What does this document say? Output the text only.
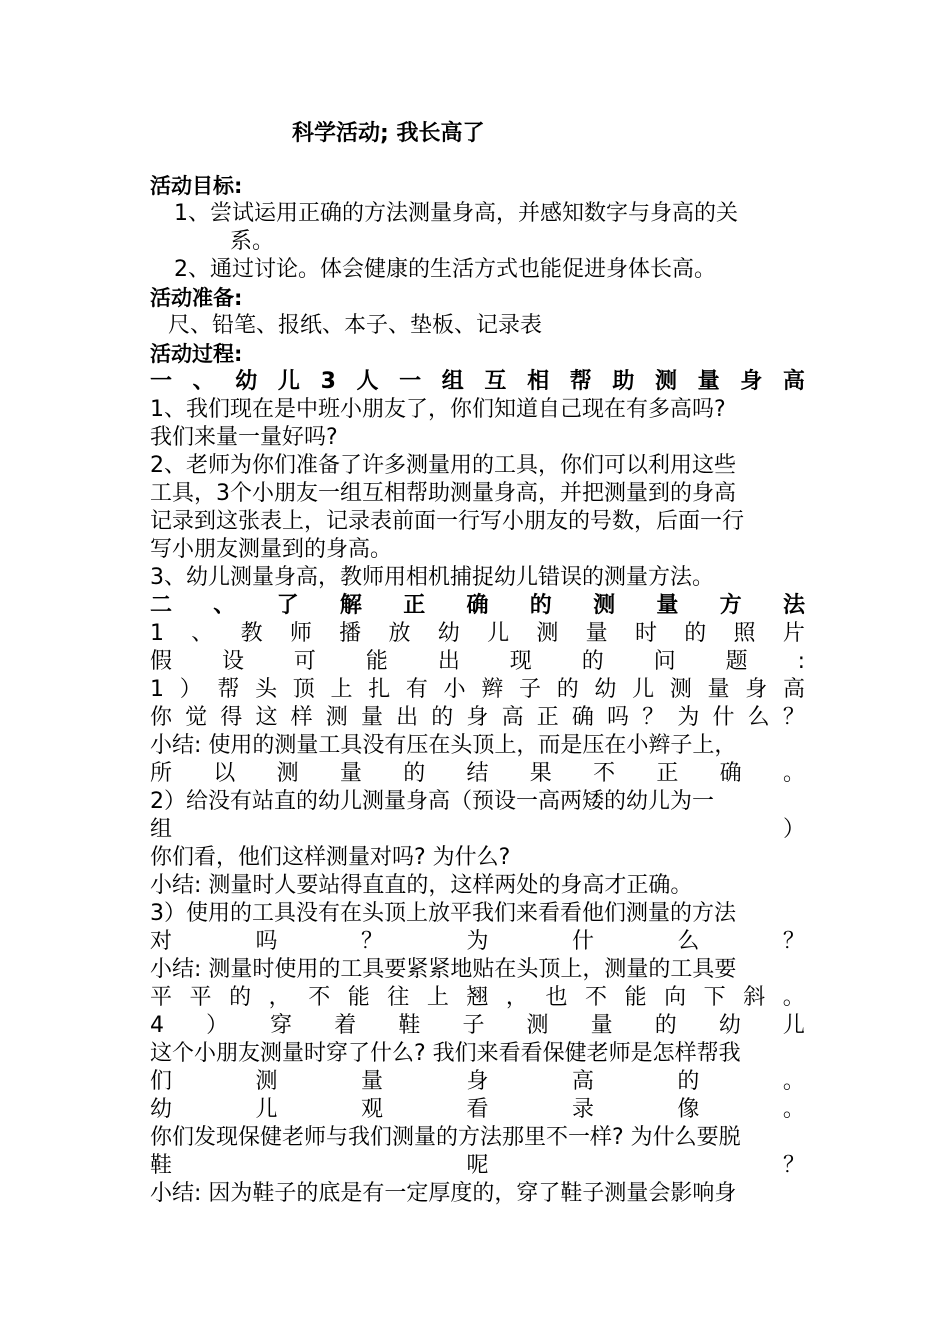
科学活动; 我长高了
活动目标:
1、尝试运用正确的方法测量身高，并感知数字与身高的关
系。
2、通过讨论。体会健康的生活方式也能促进身体长高。
活动准备:
尺、铅笔、报纸、本子、垫板、记录表
活动过程:
一 、 幼 儿 3 人 一 组 互 相 帮 助 测 量 身 高
1、我们现在是中班小朋友了，你们知道自己现在有多高吗?
我们来量一量好吗?
2、老师为你们准备了许多测量用的工具，你们可以利用这些
工具，3个小朋友一组互相帮助测量身高，并把测量到的身高
记录到这张表上，记录表前面一行写小朋友的号数，后面一行
写小朋友测量到的身高。
3、幼儿测量身高，教师用相机捕捉幼儿错误的测量方法。
二 、 了 解 正 确 的 测 量 方 法
1 、 教 师 播 放 幼 儿 测 量 时 的 照 片
假 设 可 能 出 现 的 问 题 :
1 ） 帮 头 顶 上 扎 有 小 辫 子 的 幼 儿 测 量 身 高
你 觉 得 这 样 测 量 出 的 身 高 正 确 吗 ？ 为 什 么 ？
小结: 使用的测量工具没有压在头顶上，而是压在小辫子上，
所 以 测 量 的 结 果 不 正 确 。
2）给没有站直的幼儿测量身高（预设一高两矮的幼儿为一
组	）
你们看，他们这样测量对吗? 为什么?
小结: 测量时人要站得直直的，这样两处的身高才正确。
3）使用的工具没有在头顶上放平我们来看看他们测量的方法
对	吗	？	为	什	么	？
小结: 测量时使用的工具要紧紧地贴在头顶上，测量的工具要
平 平 的 ， 不 能 往 上 翘 ， 也 不 能 向 下 斜 。
4 ） 穿 着 鞋 子 测 量 的 幼 儿
这个小朋友测量时穿了什么? 我们来看看保健老师是怎样帮我
们	测	量	身	高	的	。
幼	儿	观	看	录	像	。
你们发现保健老师与我们测量的方法那里不一样? 为什么要脱
鞋	呢	？
小结: 因为鞋子的底是有一定厚度的，穿了鞋子测量会影响身
